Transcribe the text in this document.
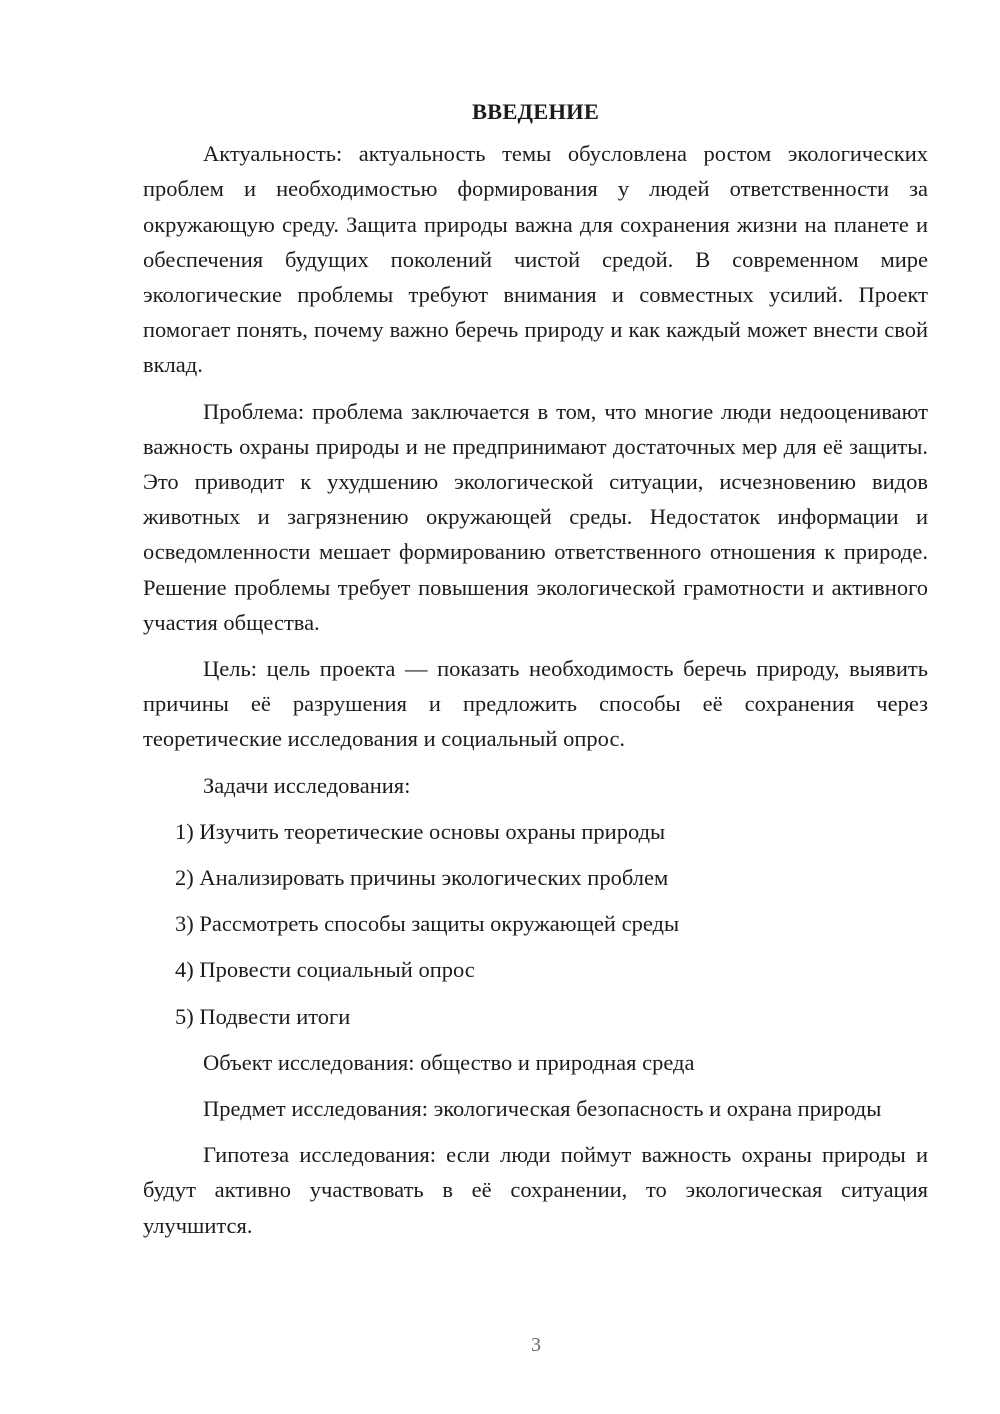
ВВЕДЕНИЕ

Актуальность: актуальность темы обусловлена ростом экологических проблем и необходимостью формирования у людей ответственности за окружающую среду. Защита природы важна для сохранения жизни на планете и обеспечения будущих поколений чистой средой. В современном мире экологические проблемы требуют внимания и совместных усилий. Проект помогает понять, почему важно беречь природу и как каждый может внести свой вклад.

Проблема: проблема заключается в том, что многие люди недооценивают важность охраны природы и не предпринимают достаточных мер для её защиты. Это приводит к ухудшению экологической ситуации, исчезновению видов животных и загрязнению окружающей среды. Недостаток информации и осведомленности мешает формированию ответственного отношения к природе. Решение проблемы требует повышения экологической грамотности и активного участия общества.

Цель: цель проекта — показать необходимость беречь природу, выявить причины её разрушения и предложить способы её сохранения через теоретические исследования и социальный опрос.

Задачи исследования:
1) Изучить теоретические основы охраны природы
2) Анализировать причины экологических проблем
3) Рассмотреть способы защиты окружающей среды
4) Провести социальный опрос
5) Подвести итоги
Объект исследования: общество и природная среда

Предмет исследования: экологическая безопасность и охрана природы

Гипотеза исследования: если люди поймут важность охраны природы и будут активно участвовать в её сохранении, то экологическая ситуация улучшится.

3
